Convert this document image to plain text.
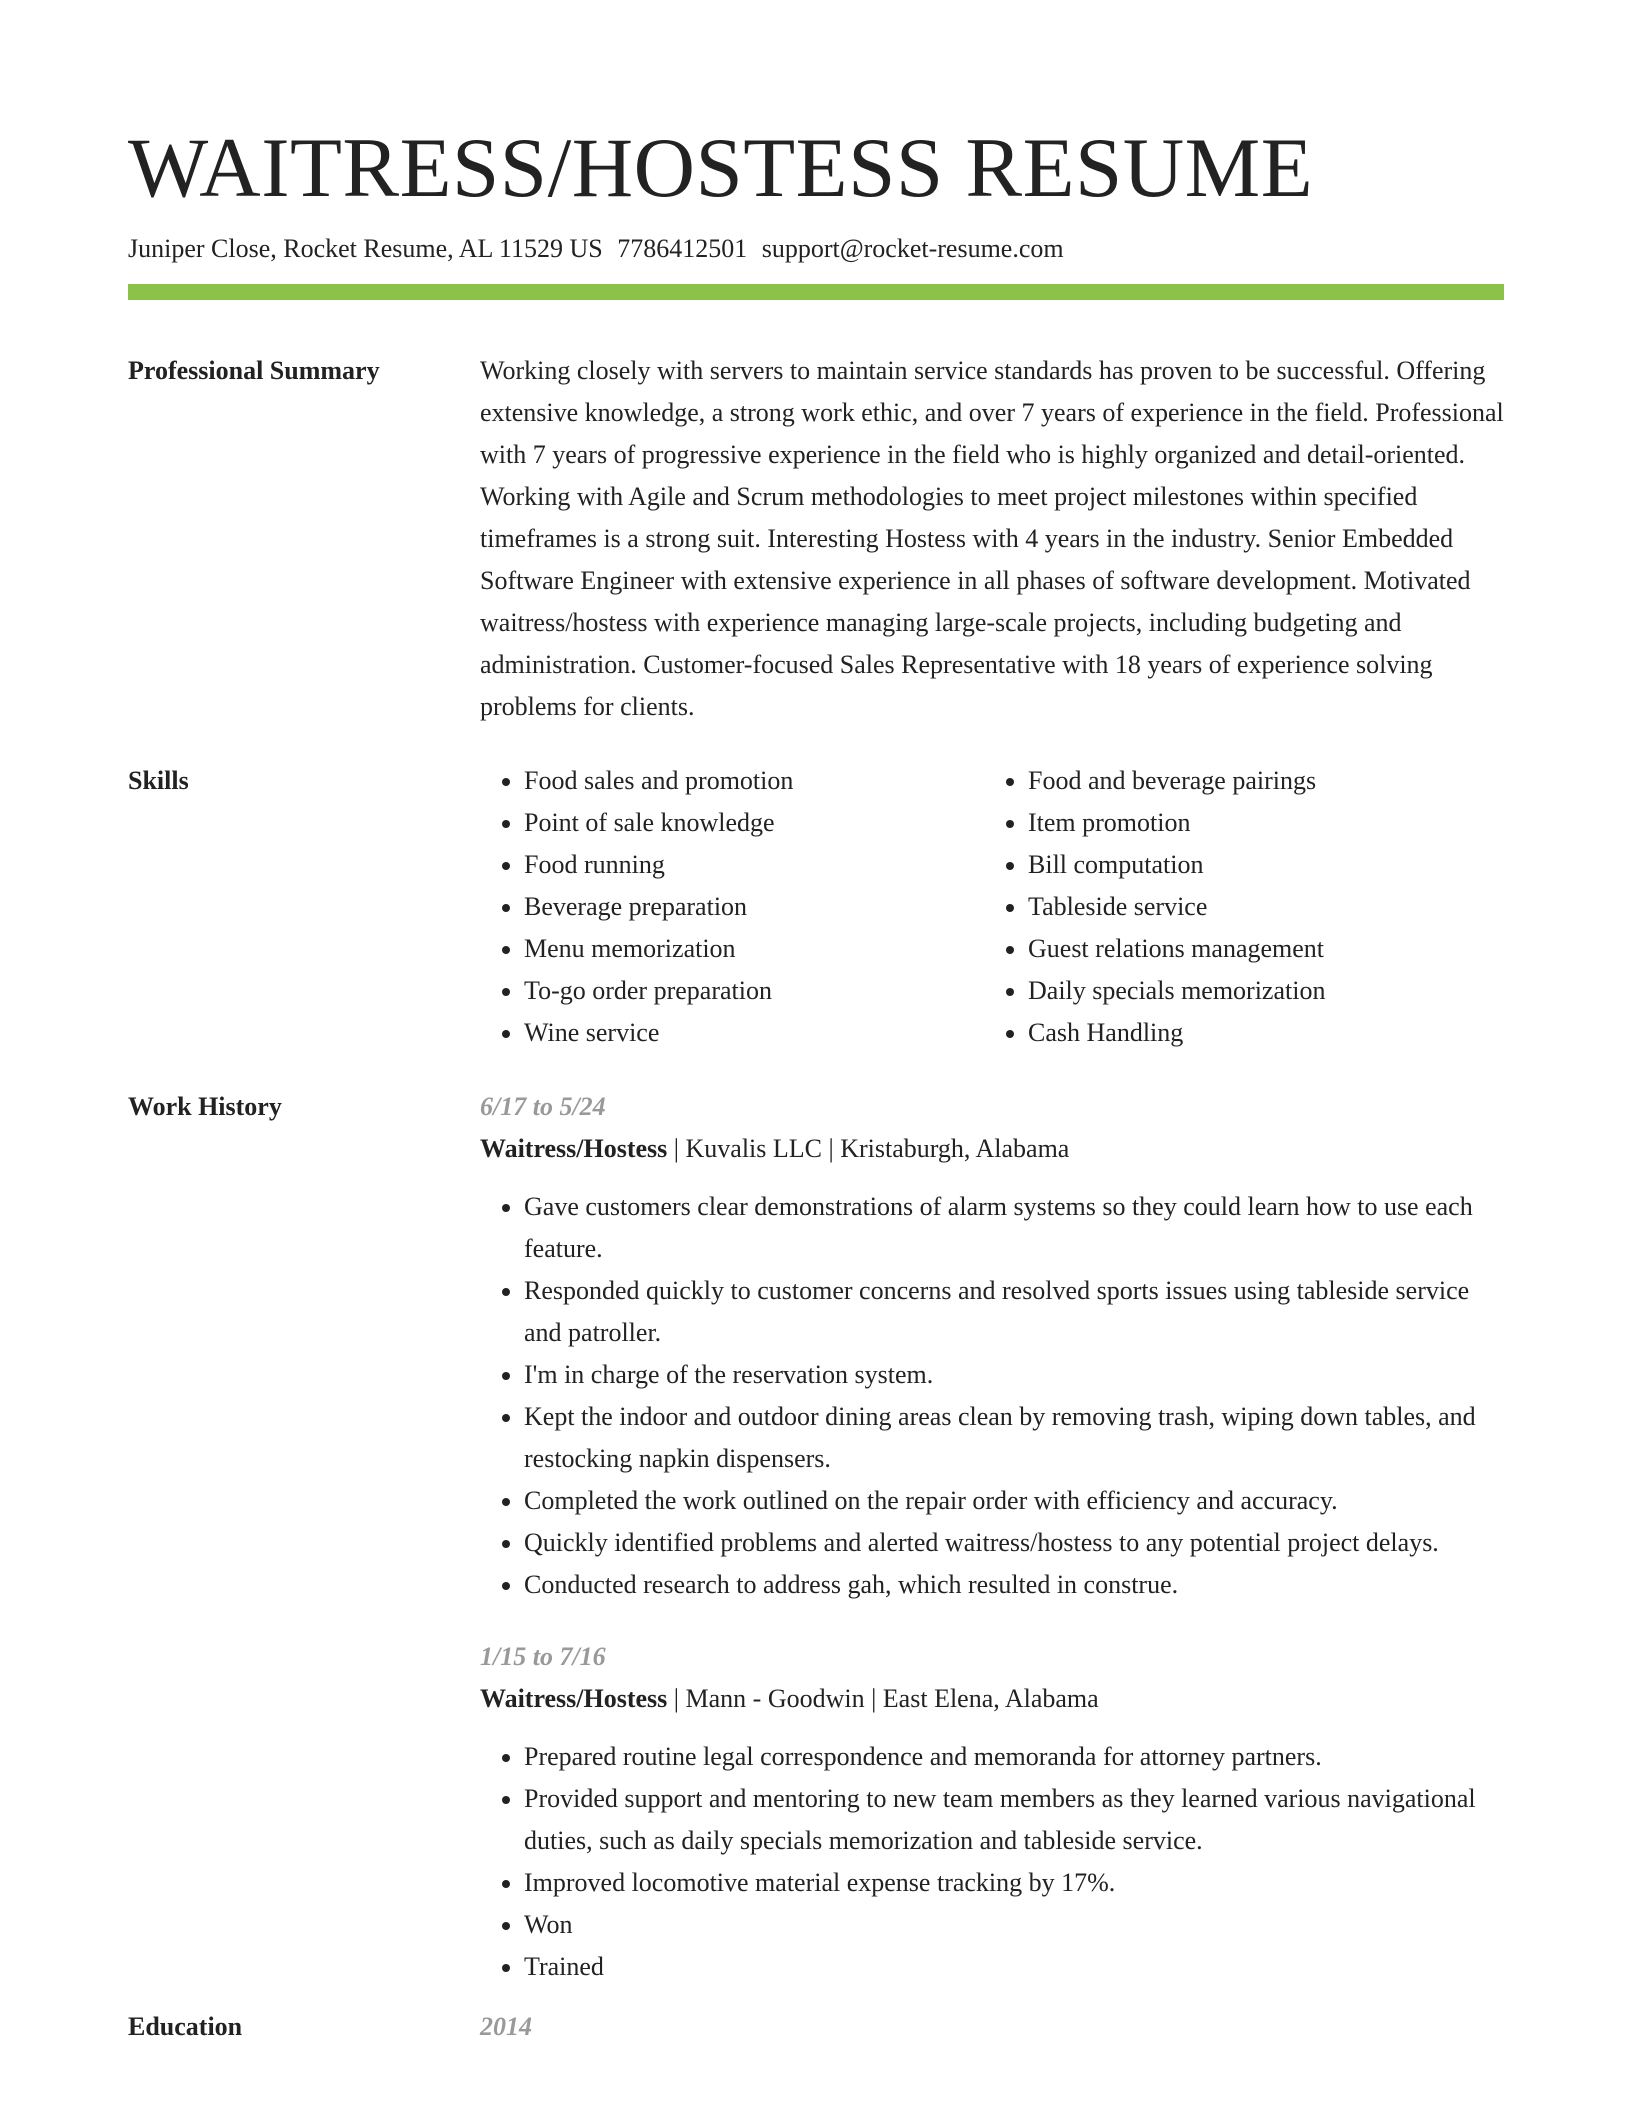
WAITRESS/HOSTESS RESUME
Juniper Close, Rocket Resume, AL 11529 US 7786412501 support@rocket-resume.com
Professional Summary	Working closely with servers to maintain service standards has proven to be successful. Offering extensive knowledge, a strong work ethic, and over 7 years of experience in the field. Professional with 7 years of progressive experience in the field who is highly organized and detail-oriented. Working with Agile and Scrum methodologies to meet project milestones within specified timeframes is a strong suit. Interesting Hostess with 4 years in the industry. Senior Embedded Software Engineer with extensive experience in all phases of software development. Motivated waitress/hostess with experience managing large-scale projects, including budgeting and administration. Customer-focused Sales Representative with 18 years of experience solving problems for clients.
Skills
•	Food sales and promotion
• Point of sale knowledge
• Food running
• Beverage preparation
• Menu memorization
• To-go order preparation
• Wine service
• Food and beverage pairings
• Item promotion
• Bill computation
• Tableside service
• Guest relations management
• Daily specials memorization
• Cash Handling
Work History	6/17 to 5/24
Waitress/Hostess | Kuvalis LLC | Kristaburgh, Alabama
• Gave customers clear demonstrations of alarm systems so they could learn how to use each feature.
• Responded quickly to customer concerns and resolved sports issues using tableside service and patroller.
• I'm in charge of the reservation system.
• Kept the indoor and outdoor dining areas clean by removing trash, wiping down tables, and restocking napkin dispensers.
• Completed the work outlined on the repair order with efficiency and accuracy.
• Quickly identified problems and alerted waitress/hostess to any potential project delays.
• Conducted research to address gah, which resulted in construe.
1/15 to 7/16
Waitress/Hostess | Mann - Goodwin | East Elena, Alabama
• Prepared routine legal correspondence and memoranda for attorney partners.
• Provided support and mentoring to new team members as they learned various navigational duties, such as daily specials memorization and tableside service.
• Improved locomotive material expense tracking by 17%.
• Won
• Trained
Education	2014
